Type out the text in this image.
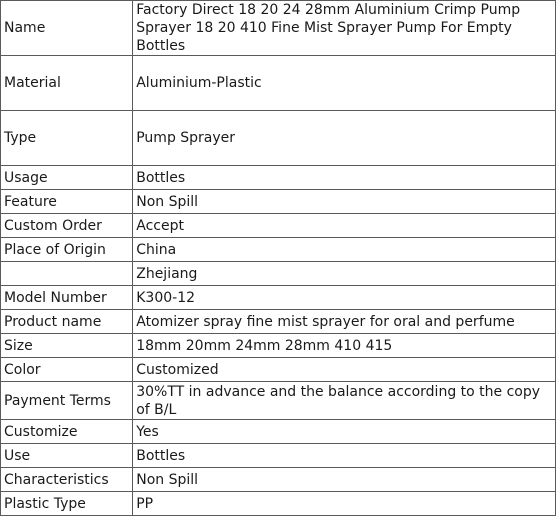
Name	Factory Direct 18 20 24 28mm Aluminium Crimp Pump Sprayer 18 20 410 Fine Mist Sprayer Pump For Empty Bottles
Material	Aluminium-Plastic
Type	Pump Sprayer
Usage	Bottles
Feature	Non Spill
Custom Order	Accept
Place of Origin	China
	Zhejiang
Model Number	K300-12
Product name	Atomizer spray fine mist sprayer for oral and perfume
Size	18mm 20mm 24mm 28mm 410 415
Color	Customized
Payment Terms	30%TT in advance and the balance according to the copy of B/L
Customize	Yes
Use	Bottles
Characteristics	Non Spill
Plastic Type	PP
